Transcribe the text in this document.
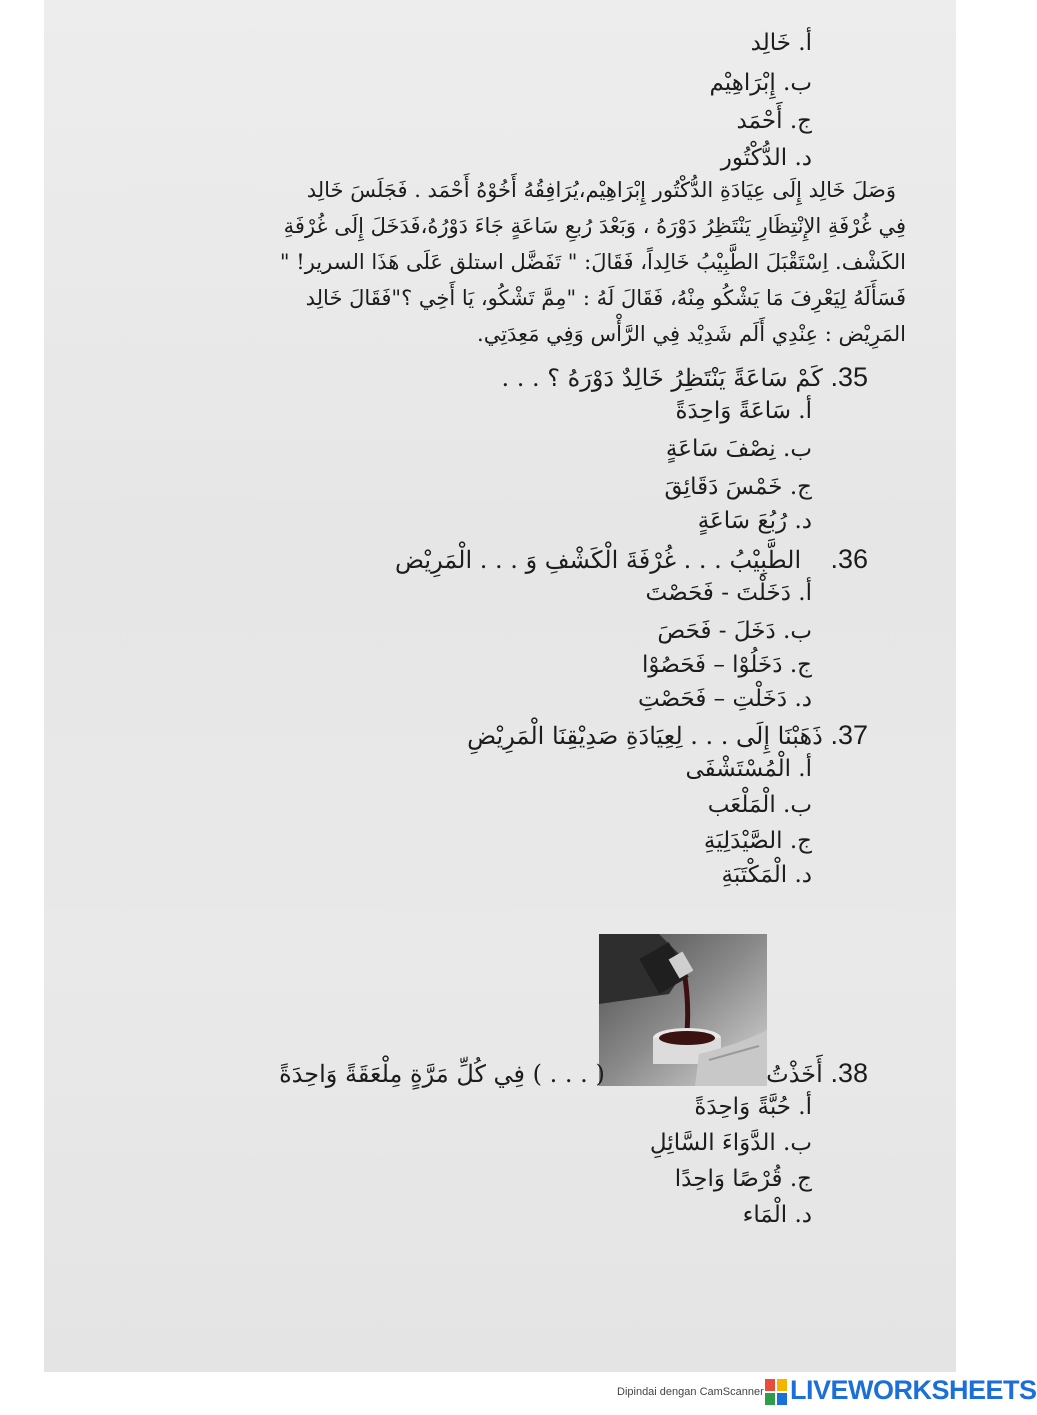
أ. خَالِد
ب. إِبْرَاهِيْم
ج. أَحْمَد
د. الدُّكْتُور
وَصَلَ خَالِد إِلَى عِيَادَةِ الدُّكْتُور إِبْرَاهِيْم،يُرَافِقُهُ أَخُوْهُ أَحْمَد . فَجَلَسَ خَالِد
فِي غُرْفَةِ الإِنْتِظَارِ يَنْتَظِرُ دَوْرَهُ ، وَبَعْدَ رُبعِ سَاعَةٍ جَاءَ دَوْرُهُ،فَدَخَلَ إِلَى غُرْفَةِ
الكَشْف. اِسْتَقْبَلَ الطَّبِيْبُ خَالِداً، فَقَالَ: " تَفَضَّل استلق عَلَى هَذَا السرير! "
فَسَأَلَهُ لِيَعْرِفَ مَا يَشْكُو مِنْهُ، فَقَالَ لَهُ : "مِمَّ تَشْكُو، يَا أَخِي ؟"فَقَالَ خَالِد
المَرِيْض : عِنْدِي أَلَم شَدِيْد فِي الرَّأْس وَفِي مَعِدَتِي.
35. كَمْ سَاعَةً يَنْتَظِرُ خَالِدٌ دَوْرَهُ ؟ . . .
أ. سَاعَةً وَاحِدَةً
ب. نِصْفَ سَاعَةٍ
ج. خَمْسَ دَقَائِقَ
د. رُبُعَ سَاعَةٍ
36.  الطَّبِيْبُ . . . غُرْفَةَ الْكَشْفِ وَ . . . الْمَرِيْض
أ. دَخَلْتَ - فَحَصْتَ
ب. دَخَلَ - فَحَصَ
ج. دَخَلُوْا – فَحَصُوْا
د. دَخَلْتِ – فَحَصْتِ
37. ذَهَبْنَا إِلَى . . . لِعِيَادَةِ صَدِيْقِنَا الْمَرِيْضِ
أ. الْمُسْتَشْفَى
ب. الْمَلْعَب
ج. الصَّيْدَلِيَةِ
د. الْمَكْتَبَةِ
38. أَخَذْتُ  ( . . . ) فِي كُلِّ مَرَّةٍ مِلْعَقَةً وَاحِدَةً
أ. حُبَّةً وَاحِدَةً
ب. الدَّوَاءَ السَّائِلِ
ج. قُرْصًا وَاحِدًا
د. الْمَاء
Dipindai dengan CamScanner LIVEWORKSHEETS
